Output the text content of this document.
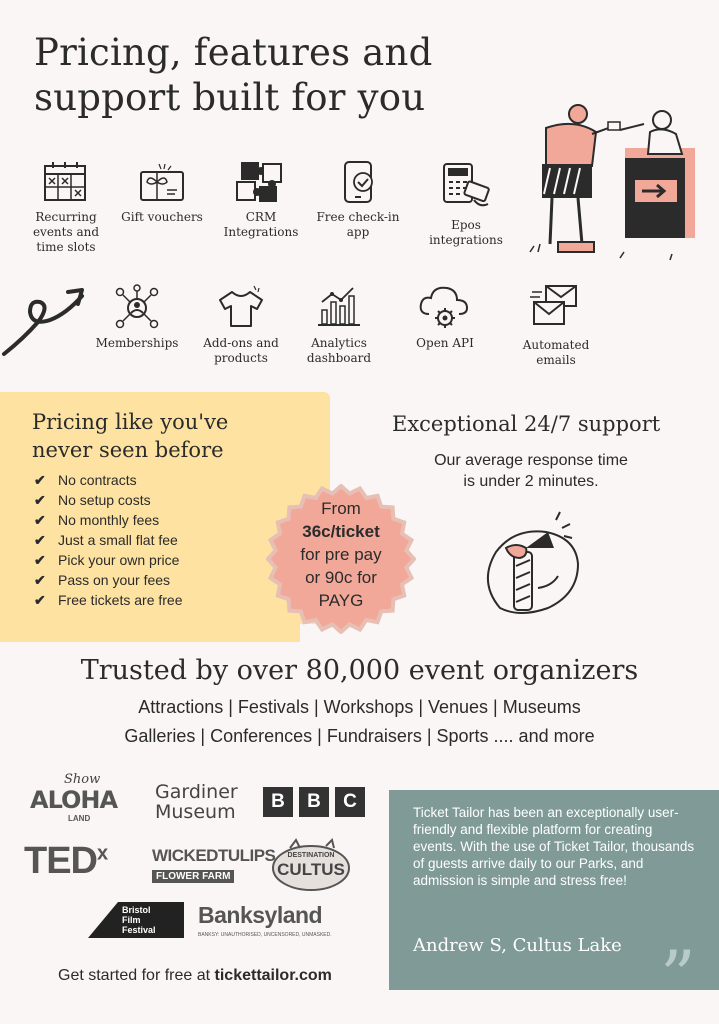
Pricing, features and
support built for you
Recurring events and time slots
Gift vouchers	CRM Integrations
Free check-in app	Epos integrations
Memberships	Add-ons and products
Analytics dashboard
Open API	Automated emails
Pricing like you've
never seen before
✔ No contracts
✔ No setup costs
✔ No monthly fees
✔ Just a small flat fee
✔ Pick your own price
✔ Pass on your fees
✔ Free tickets are free
From
36c/ticket
for pre pay
or 90c for
PAYG
Exceptional 24/7 support
Our average response time
is under 2 minutes.
Trusted by over 80,000 event organizers
Attractions | Festivals | Workshops | Venues | Museums
Galleries | Conferences | Fundraisers | Sports .... and more
Show
ALOHA
LAND
Gardiner
Museum	B	B	C
TED$^x$	WICKEDTULIPS
FLOWER FARM
DESTINATION
CULTUS
Bristol
Film
Festival
Banksyland
BANKSY: UNAUTHORISED, UNCENSORED, UNMASKED.
Ticket Tailor has been an exceptionally user-friendly and flexible platform for creating events. With the use of Ticket Tailor, thousands of guests arrive daily to our Parks, and admission is simple and stress free!
Andrew S, Cultus Lake ”
Get started for free at tickettailor.com
